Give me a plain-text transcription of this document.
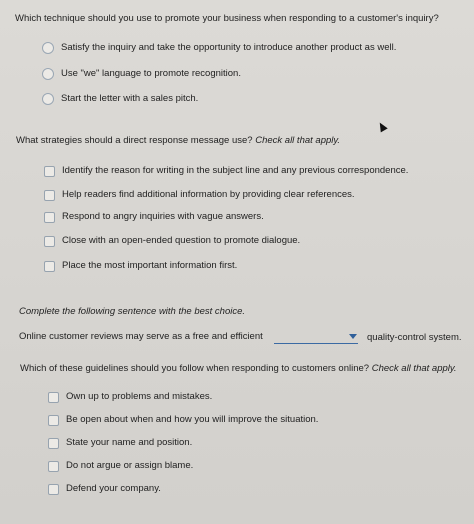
Which technique should you use to promote your business when responding to a customer's inquiry?
Satisfy the inquiry and take the opportunity to introduce another product as well.
Use "we" language to promote recognition.
Start the letter with a sales pitch.
What strategies should a direct response message use? Check all that apply.
Identify the reason for writing in the subject line and any previous correspondence.
Help readers find additional information by providing clear references.
Respond to angry inquiries with vague answers.
Close with an open-ended question to promote dialogue.
Place the most important information first.
Complete the following sentence with the best choice.
Online customer reviews may serve as a free and efficient	quality-control system.
Which of these guidelines should you follow when responding to customers online? Check all that apply.
Own up to problems and mistakes.
Be open about when and how you will improve the situation.
State your name and position.
Do not argue or assign blame.
Defend your company.
